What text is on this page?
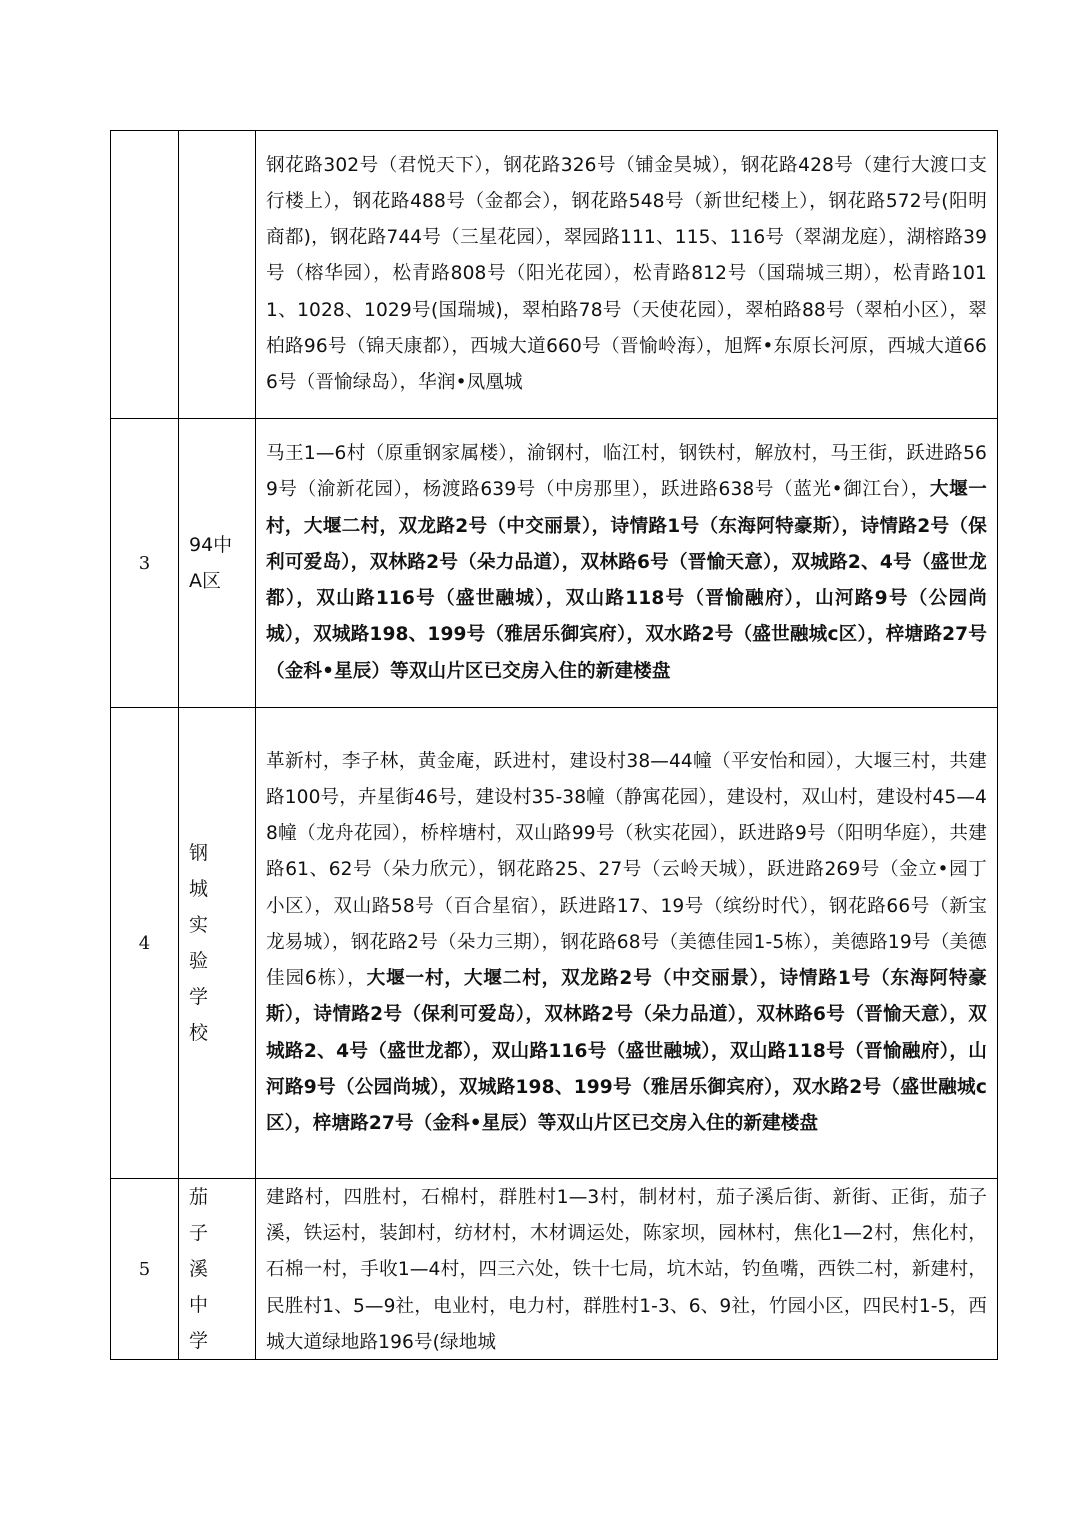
		钢花路302号（君悦天下），钢花路326号（铺金昊城），钢花路428号（建行大渡口支行楼上），钢花路488号（金都会），钢花路548号（新世纪楼上），钢花路572号(阳明商都)，钢花路744号（三星花园），翠园路111、115、116号（翠湖龙庭），湖榕路39号（榕华园），松青路808号（阳光花园），松青路812号（国瑞城三期），松青路1011、1028、1029号(国瑞城)，翠柏路78号（天使花园），翠柏路88号（翠柏小区），翠柏路96号（锦天康都），西城大道660号（晋愉岭海），旭辉•东原长河原，西城大道666号（晋愉绿岛），华润•凤凰城

3	94中A区	马王1—6村（原重钢家属楼），渝钢村，临江村，钢铁村，解放村，马王街，跃进路569号（渝新花园），杨渡路639号（中房那里），跃进路638号（蓝光•御江台），大堰一村，大堰二村，双龙路2号（中交丽景），诗情路1号（东海阿特豪斯），诗情路2号（保利可爱岛），双林路2号（朵力品道），双林路6号（晋愉天意），双城路2、4号（盛世龙都），双山路116号（盛世融城），双山路118号（晋愉融府），山河路9号（公园尚城），双城路198、199号（雅居乐御宾府），双水路2号（盛世融城c区），梓塘路27号（金科•星辰）等双山片区已交房入住的新建楼盘

4	钢城实验学校	革新村，李子林，黄金庵，跃进村，建设村38—44幢（平安怡和园），大堰三村，共建路100号，卉星街46号，建设村35-38幢（静寓花园），建设村，双山村，建设村45—48幢（龙舟花园），桥梓塘村，双山路99号（秋实花园），跃进路9号（阳明华庭），共建路61、62号（朵力欣元），钢花路25、27号（云岭天城），跃进路269号（金立•园丁小区），双山路58号（百合星宿），跃进路17、19号（缤纷时代），钢花路66号（新宝龙易城），钢花路2号（朵力三期），钢花路68号（美德佳园1-5栋），美德路19号（美德佳园6栋），大堰一村，大堰二村，双龙路2号（中交丽景），诗情路1号（东海阿特豪斯），诗情路2号（保利可爱岛），双林路2号（朵力品道），双林路6号（晋愉天意），双城路2、4号（盛世龙都），双山路116号（盛世融城），双山路118号（晋愉融府），山河路9号（公园尚城），双城路198、199号（雅居乐御宾府），双水路2号（盛世融城c区），梓塘路27号（金科•星辰）等双山片区已交房入住的新建楼盘

5	茄子溪中学	建路村，四胜村，石棉村，群胜村1—3村，制材村，茄子溪后街、新街、正街，茄子溪，铁运村，装卸村，纺材村，木材调运处，陈家坝，园林村，焦化1—2村，焦化村，石棉一村，手收1—4村，四三六处，铁十七局，坑木站，钓鱼嘴，西铁二村，新建村，民胜村1、5—9社，电业村，电力村，群胜村1-3、6、9社，竹园小区，四民村1-5，西城大道绿地路196号(绿地城
